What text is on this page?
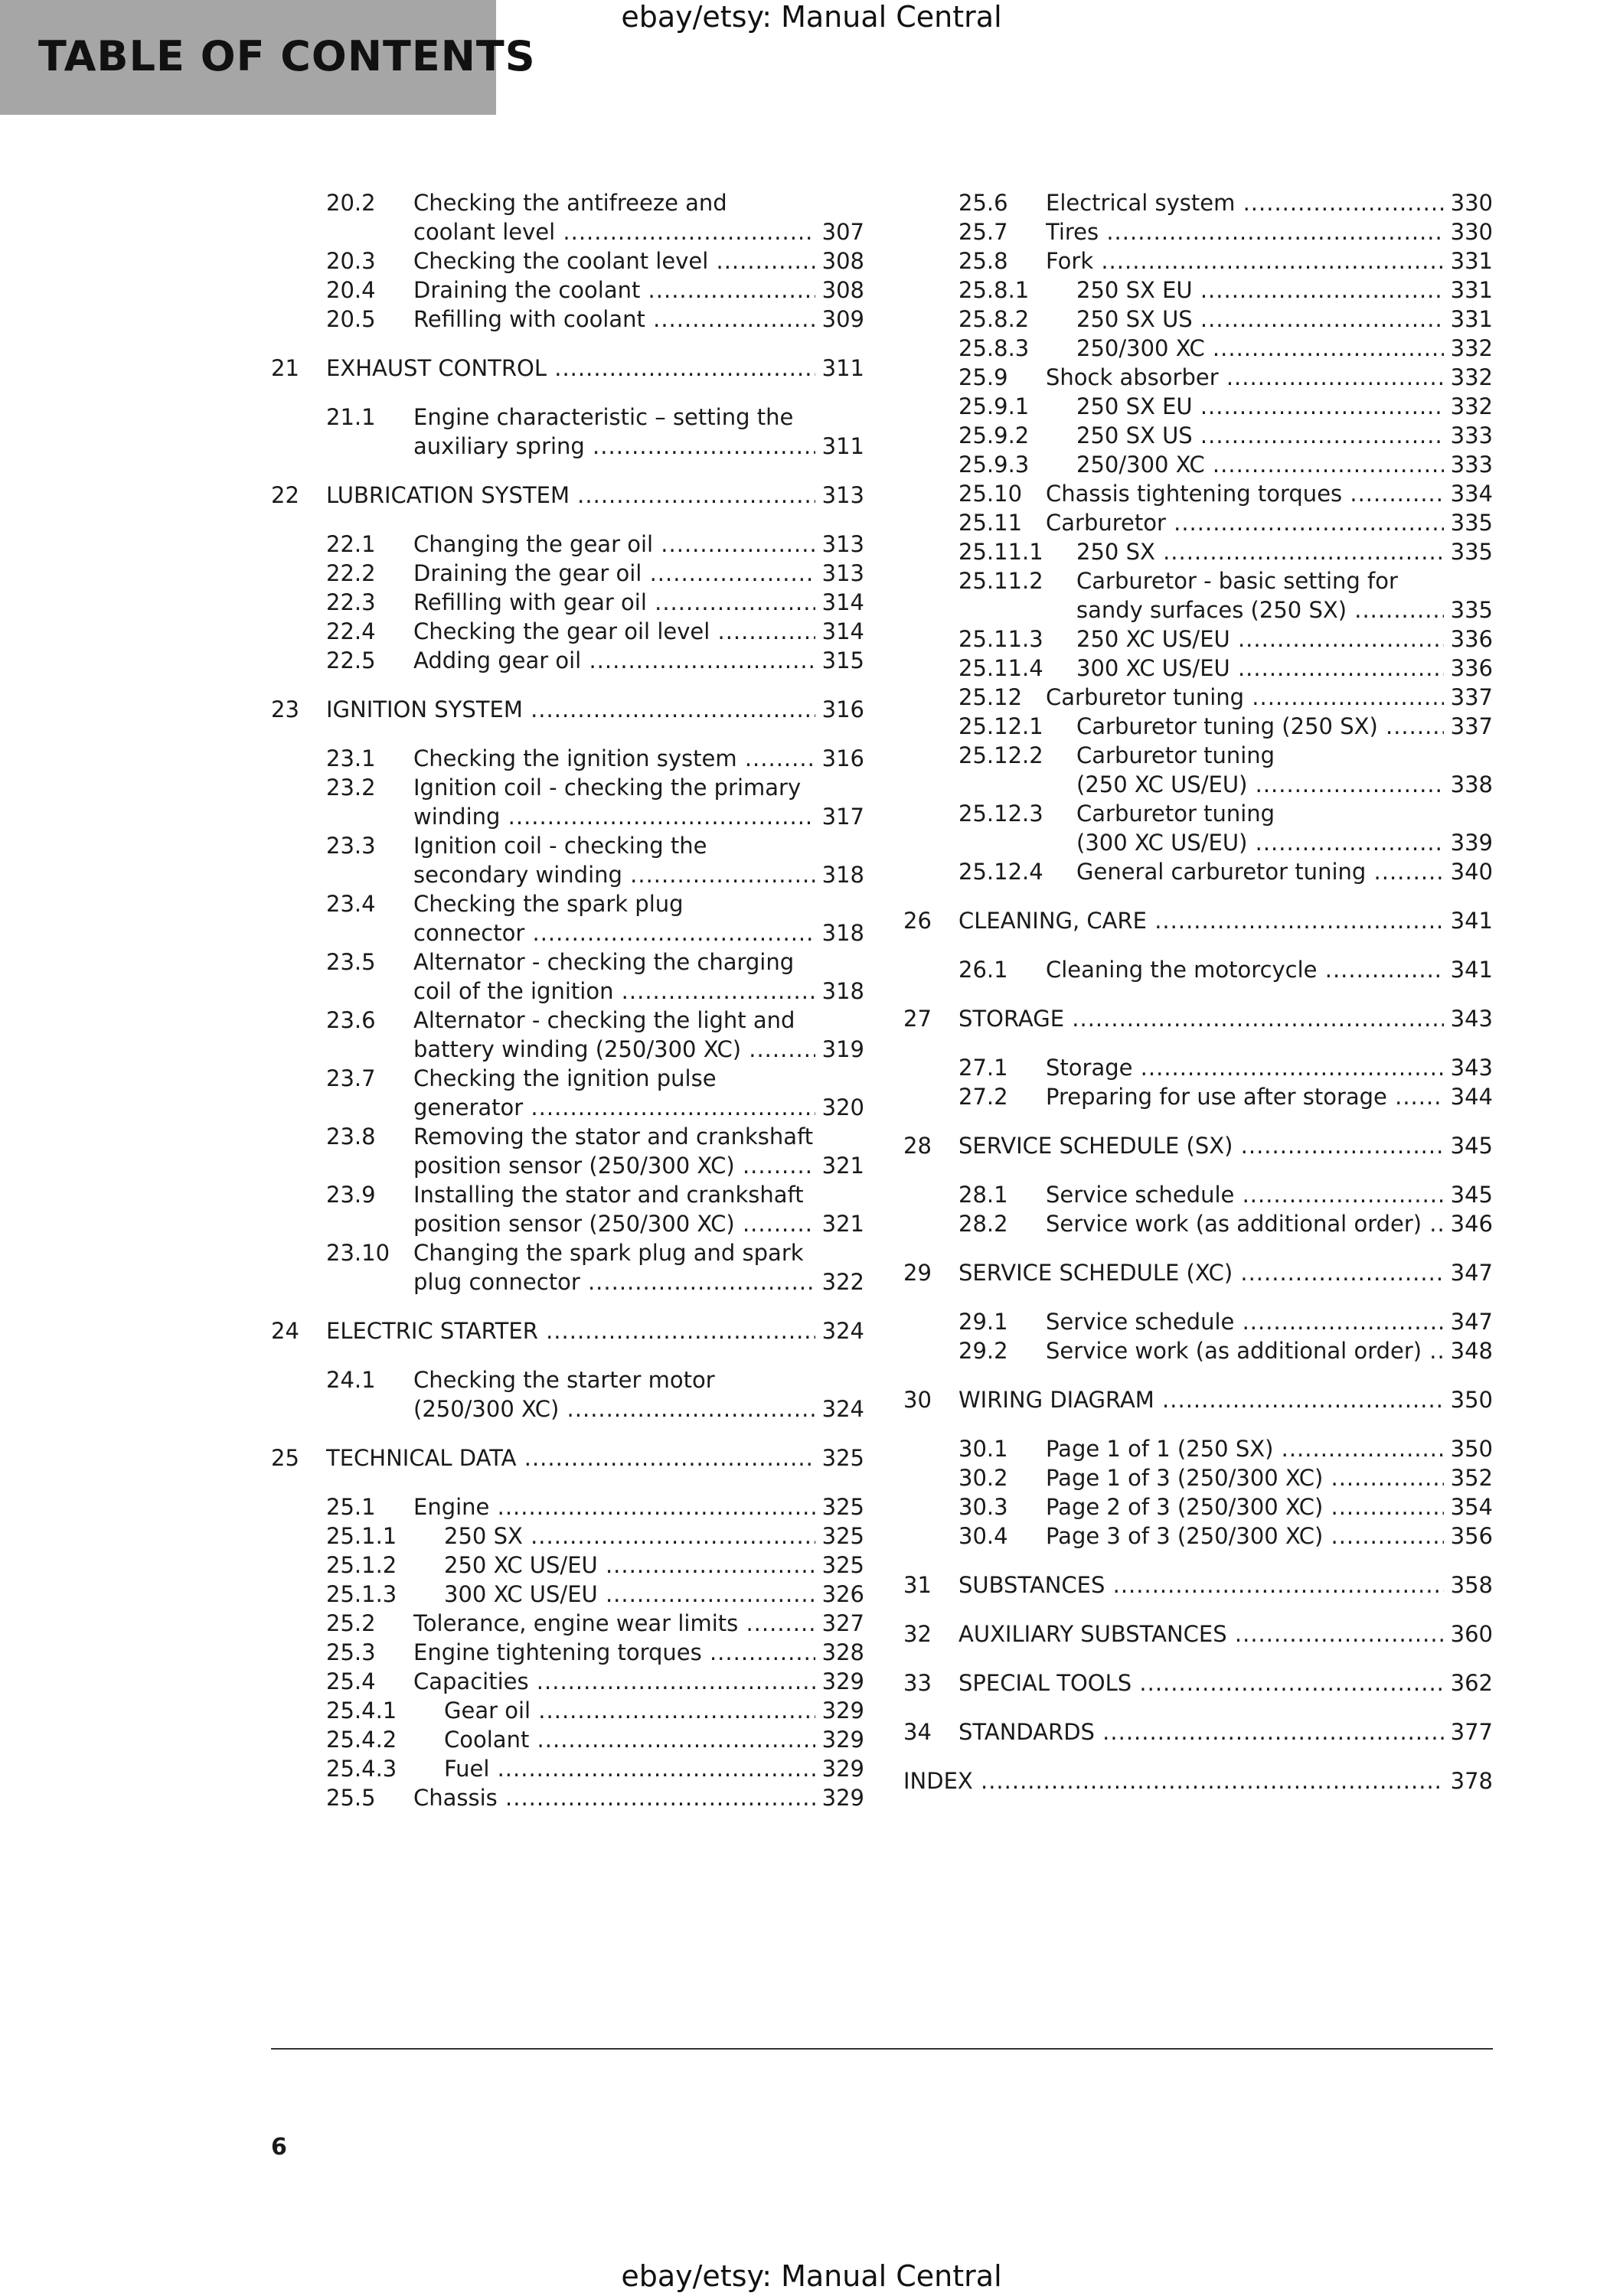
TABLE OF CONTENTS
ebay/etsy: Manual Central
20.2 Checking the antifreeze and
coolant level .....	307
20.3 Checking the coolant level .....	308
20.4 Draining the coolant .....	308
20.5 Refilling with coolant .....	309
21 EXHAUST CONTROL .....	311
21.1 Engine characteristic – setting the
auxiliary spring .....	311
22 LUBRICATION SYSTEM .....	313
22.1 Changing the gear oil .....	313
22.2 Draining the gear oil .....	313
22.3 Refilling with gear oil .....	314
22.4 Checking the gear oil level .....	314
22.5 Adding gear oil .....	315
23 IGNITION SYSTEM .....	316
23.1 Checking the ignition system .....	316
23.2 Ignition coil - checking the primary
winding .....	317
23.3 Ignition coil - checking the
secondary winding .....	318
23.4 Checking the spark plug
connector .....	318
23.5 Alternator - checking the charging
coil of the ignition .....	318
23.6 Alternator - checking the light and
battery winding (250/300 XC) .....	319
23.7 Checking the ignition pulse
generator .....	320
23.8 Removing the stator and crankshaft
position sensor (250/300 XC) .....	321
23.9 Installing the stator and crankshaft
position sensor (250/300 XC) .....	321
23.10 Changing the spark plug and spark
plug connector .....	322
24 ELECTRIC STARTER .....	324
24.1 Checking the starter motor
(250/300 XC) .....	324
25 TECHNICAL DATA .....	325
25.1 Engine .....	325
25.1.1 250 SX .....	325
25.1.2 250 XC US/EU .....	325
25.1.3 300 XC US/EU .....	326
25.2 Tolerance, engine wear limits .....	327
25.3 Engine tightening torques .....	328
25.4 Capacities .....	329
25.4.1 Gear oil .....	329
25.4.2 Coolant .....	329
25.4.3 Fuel .....	329
25.5 Chassis .....	329
25.6 Electrical system .....	330
25.7 Tires .....	330
25.8 Fork .....	331
25.8.1 250 SX EU .....	331
25.8.2 250 SX US .....	331
25.8.3 250/300 XC .....	332
25.9 Shock absorber .....	332
25.9.1 250 SX EU .....	332
25.9.2 250 SX US .....	333
25.9.3 250/300 XC .....	333
25.10 Chassis tightening torques .....	334
25.11 Carburetor .....	335
25.11.1 250 SX .....	335
25.11.2 Carburetor - basic setting for
sandy surfaces (250 SX) .....	335
25.11.3 250 XC US/EU .....	336
25.11.4 300 XC US/EU .....	336
25.12 Carburetor tuning .....	337
25.12.1 Carburetor tuning (250 SX) .....	337
25.12.2 Carburetor tuning
(250 XC US/EU) .....	338
25.12.3 Carburetor tuning
(300 XC US/EU) .....	339
25.12.4 General carburetor tuning .....	340
26 CLEANING, CARE .....	341
26.1 Cleaning the motorcycle .....	341
27 STORAGE .....	343
27.1 Storage .....	343
27.2 Preparing for use after storage .....	344
28 SERVICE SCHEDULE (SX) .....	345
28.1 Service schedule .....	345
28.2 Service work (as additional order) .....	346
29 SERVICE SCHEDULE (XC) .....	347
29.1 Service schedule .....	347
29.2 Service work (as additional order) .....	348
30 WIRING DIAGRAM .....	350
30.1 Page 1 of 1 (250 SX) .....	350
30.2 Page 1 of 3 (250/300 XC) .....	352
30.3 Page 2 of 3 (250/300 XC) .....	354
30.4 Page 3 of 3 (250/300 XC) .....	356
31 SUBSTANCES .....	358
32 AUXILIARY SUBSTANCES .....	360
33 SPECIAL TOOLS .....	362
34 STANDARDS .....	377
INDEX .....	378
6
ebay/etsy: Manual Central
